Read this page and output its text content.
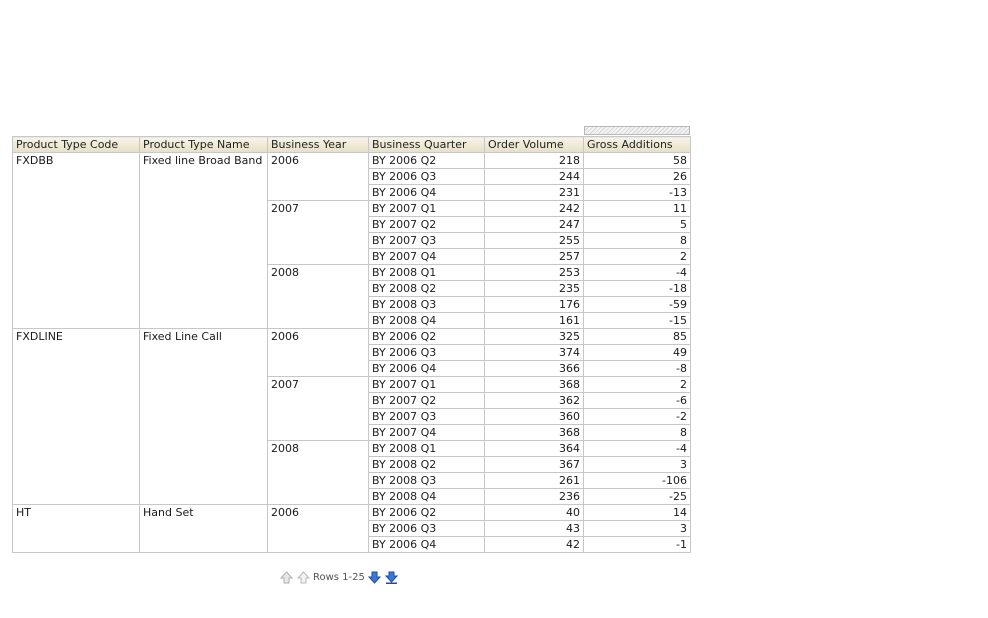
Product Type Code	Product Type Name	Business Year	Business Quarter	Order Volume	Gross Additions
FXDBB	Fixed line Broad Band	2006	BY 2006 Q2	218	58
			BY 2006 Q3	244	26
			BY 2006 Q4	231	-13
		2007	BY 2007 Q1	242	11
			BY 2007 Q2	247	5
			BY 2007 Q3	255	8
			BY 2007 Q4	257	2
		2008	BY 2008 Q1	253	-4
			BY 2008 Q2	235	-18
			BY 2008 Q3	176	-59
			BY 2008 Q4	161	-15
FXDLINE	Fixed Line Call	2006	BY 2006 Q2	325	85
			BY 2006 Q3	374	49
			BY 2006 Q4	366	-8
		2007	BY 2007 Q1	368	2
			BY 2007 Q2	362	-6
			BY 2007 Q3	360	-2
			BY 2007 Q4	368	8
		2008	BY 2008 Q1	364	-4
			BY 2008 Q2	367	3
			BY 2008 Q3	261	-106
			BY 2008 Q4	236	-25
HT	Hand Set	2006	BY 2006 Q2	40	14
			BY 2006 Q3	43	3
			BY 2006 Q4	42	-1
Rows 1-25
